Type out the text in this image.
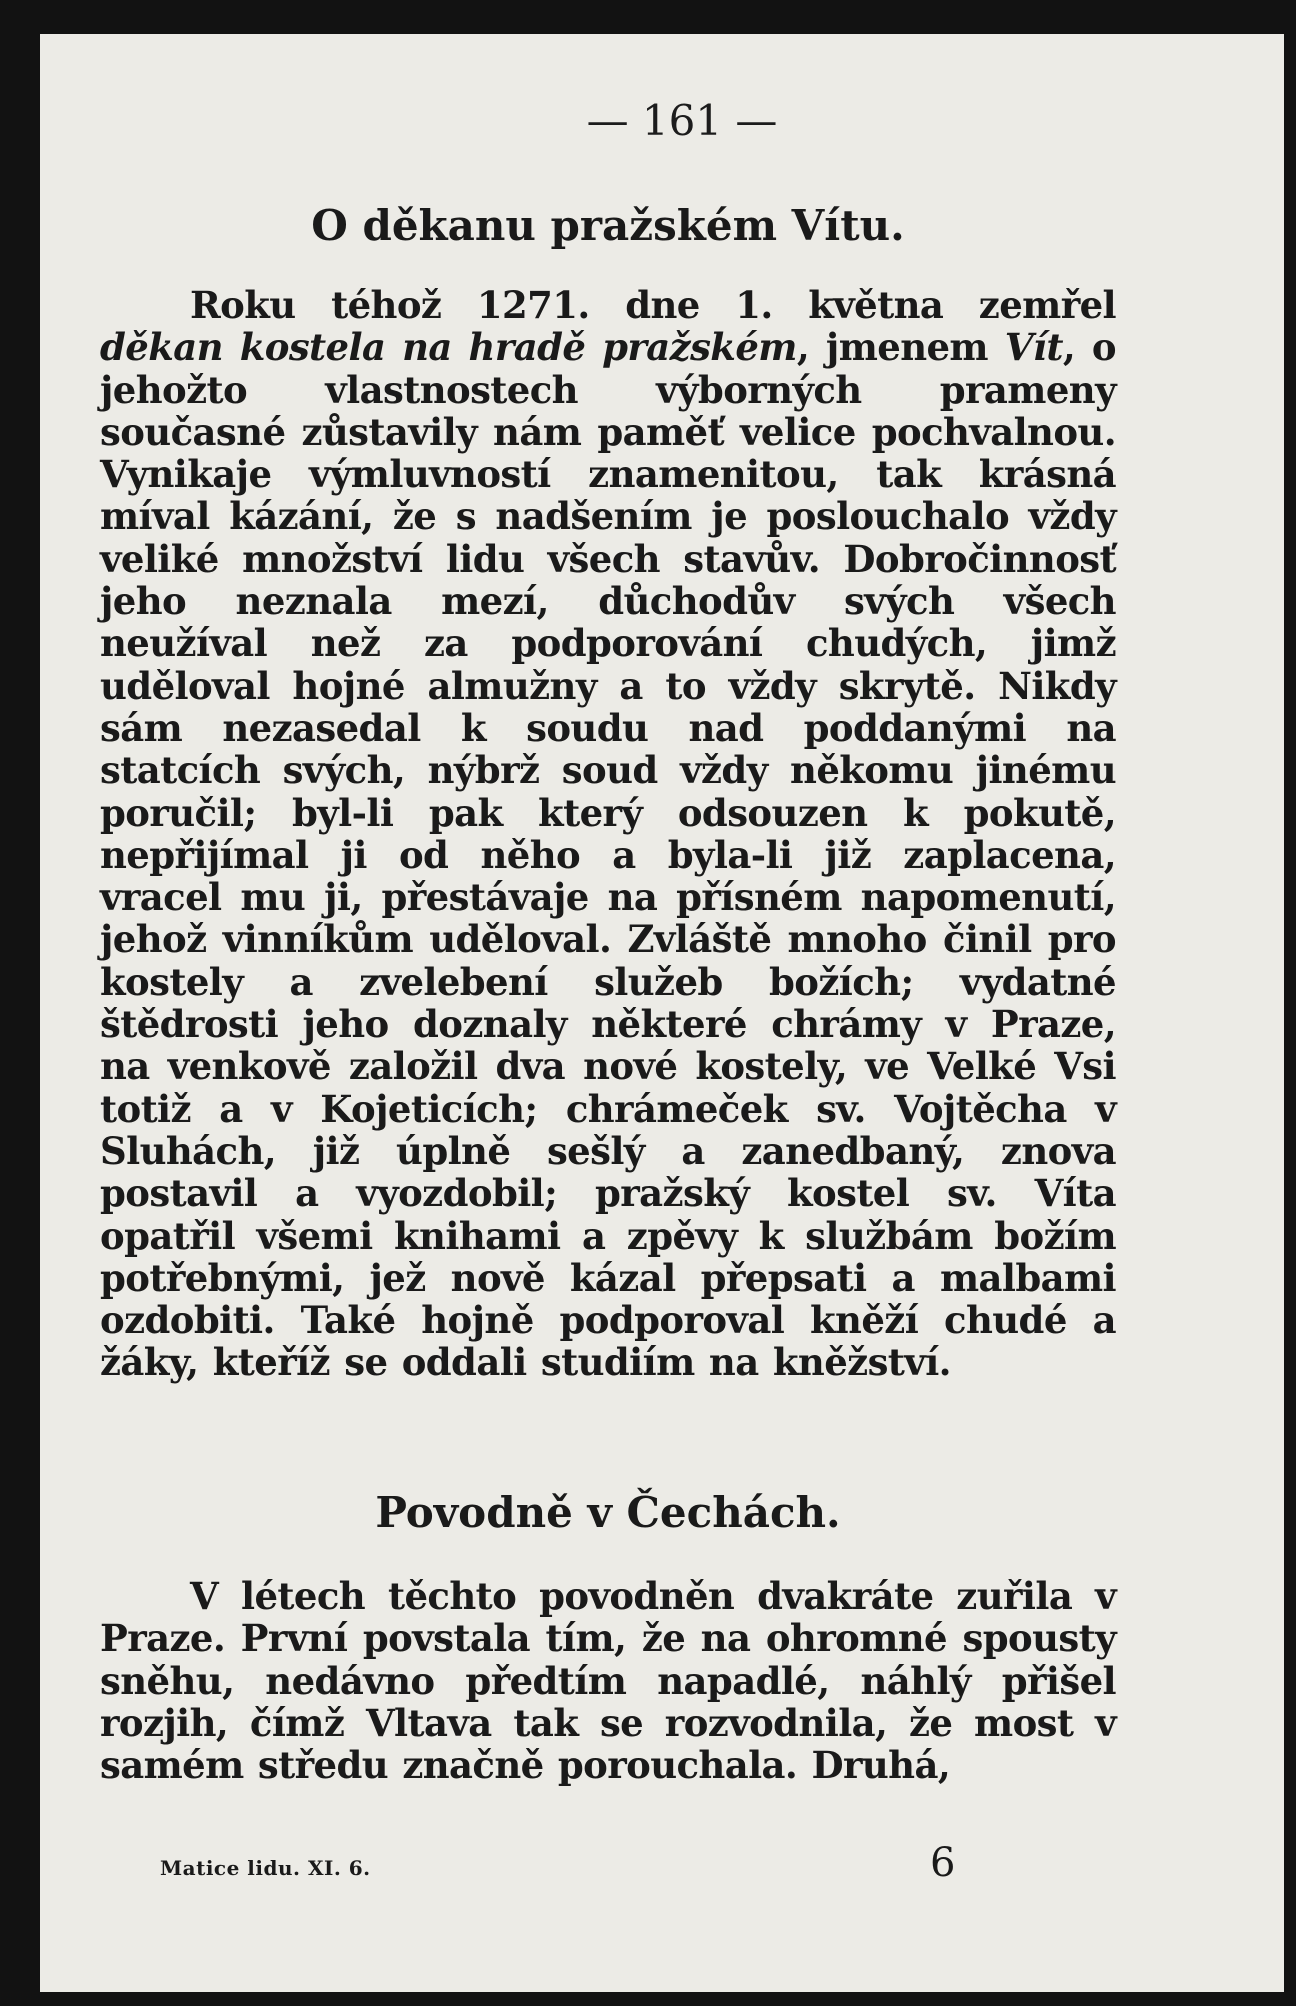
— 161 —
O děkanu pražském Vítu.

Roku téhož 1271. dne 1. května zemřel děkan kostela na hradě pražském, jmenem Vít, o jehožto vlastnostech výborných prameny současné zůstavily nám paměť velice pochvalnou. Vynikaje výmluvností znamenitou, tak krásná míval kázání, že s nadšením je poslouchalo vždy veliké množství lidu všech stavův. Dobročinnosť jeho neznala mezí, důchodův svých všech neužíval než za podporování chudých, jimž uděloval hojné almužny a to vždy skrytě. Nikdy sám nezasedal k soudu nad poddanými na statcích svých, nýbrž soud vždy někomu jinému poručil; byl-li pak který odsouzen k pokutě, nepřijímal ji od něho a byla-li již zaplacena, vracel mu ji, přestávaje na přísném napomenutí, jehož vinníkům uděloval. Zvláště mnoho činil pro kostely a zvelebení služeb božích; vydatné štědrosti jeho doznaly některé chrámy v Praze, na venkově založil dva nové kostely, ve Velké Vsi totiž a v Kojeticích; chrámeček sv. Vojtěcha v Sluhách, již úplně sešlý a zanedbaný, znova postavil a vyozdobil; pražský kostel sv. Víta opatřil všemi knihami a zpěvy k službám božím potřebnými, jež nově kázal přepsati a malbami ozdobiti. Také hojně podporoval kněží chudé a žáky, kteříž se oddali studiím na kněžství.

Povodně v Čechách.

V létech těchto povodněn dvakráte zuřila v Praze. První povstala tím, že na ohromné spousty sněhu, nedávno předtím napadlé, náhlý přišel rozjih, čímž Vltava tak se rozvodnila, že most v samém středu značně porouchala. Druhá,

Matice lidu. XI. 6.	6
